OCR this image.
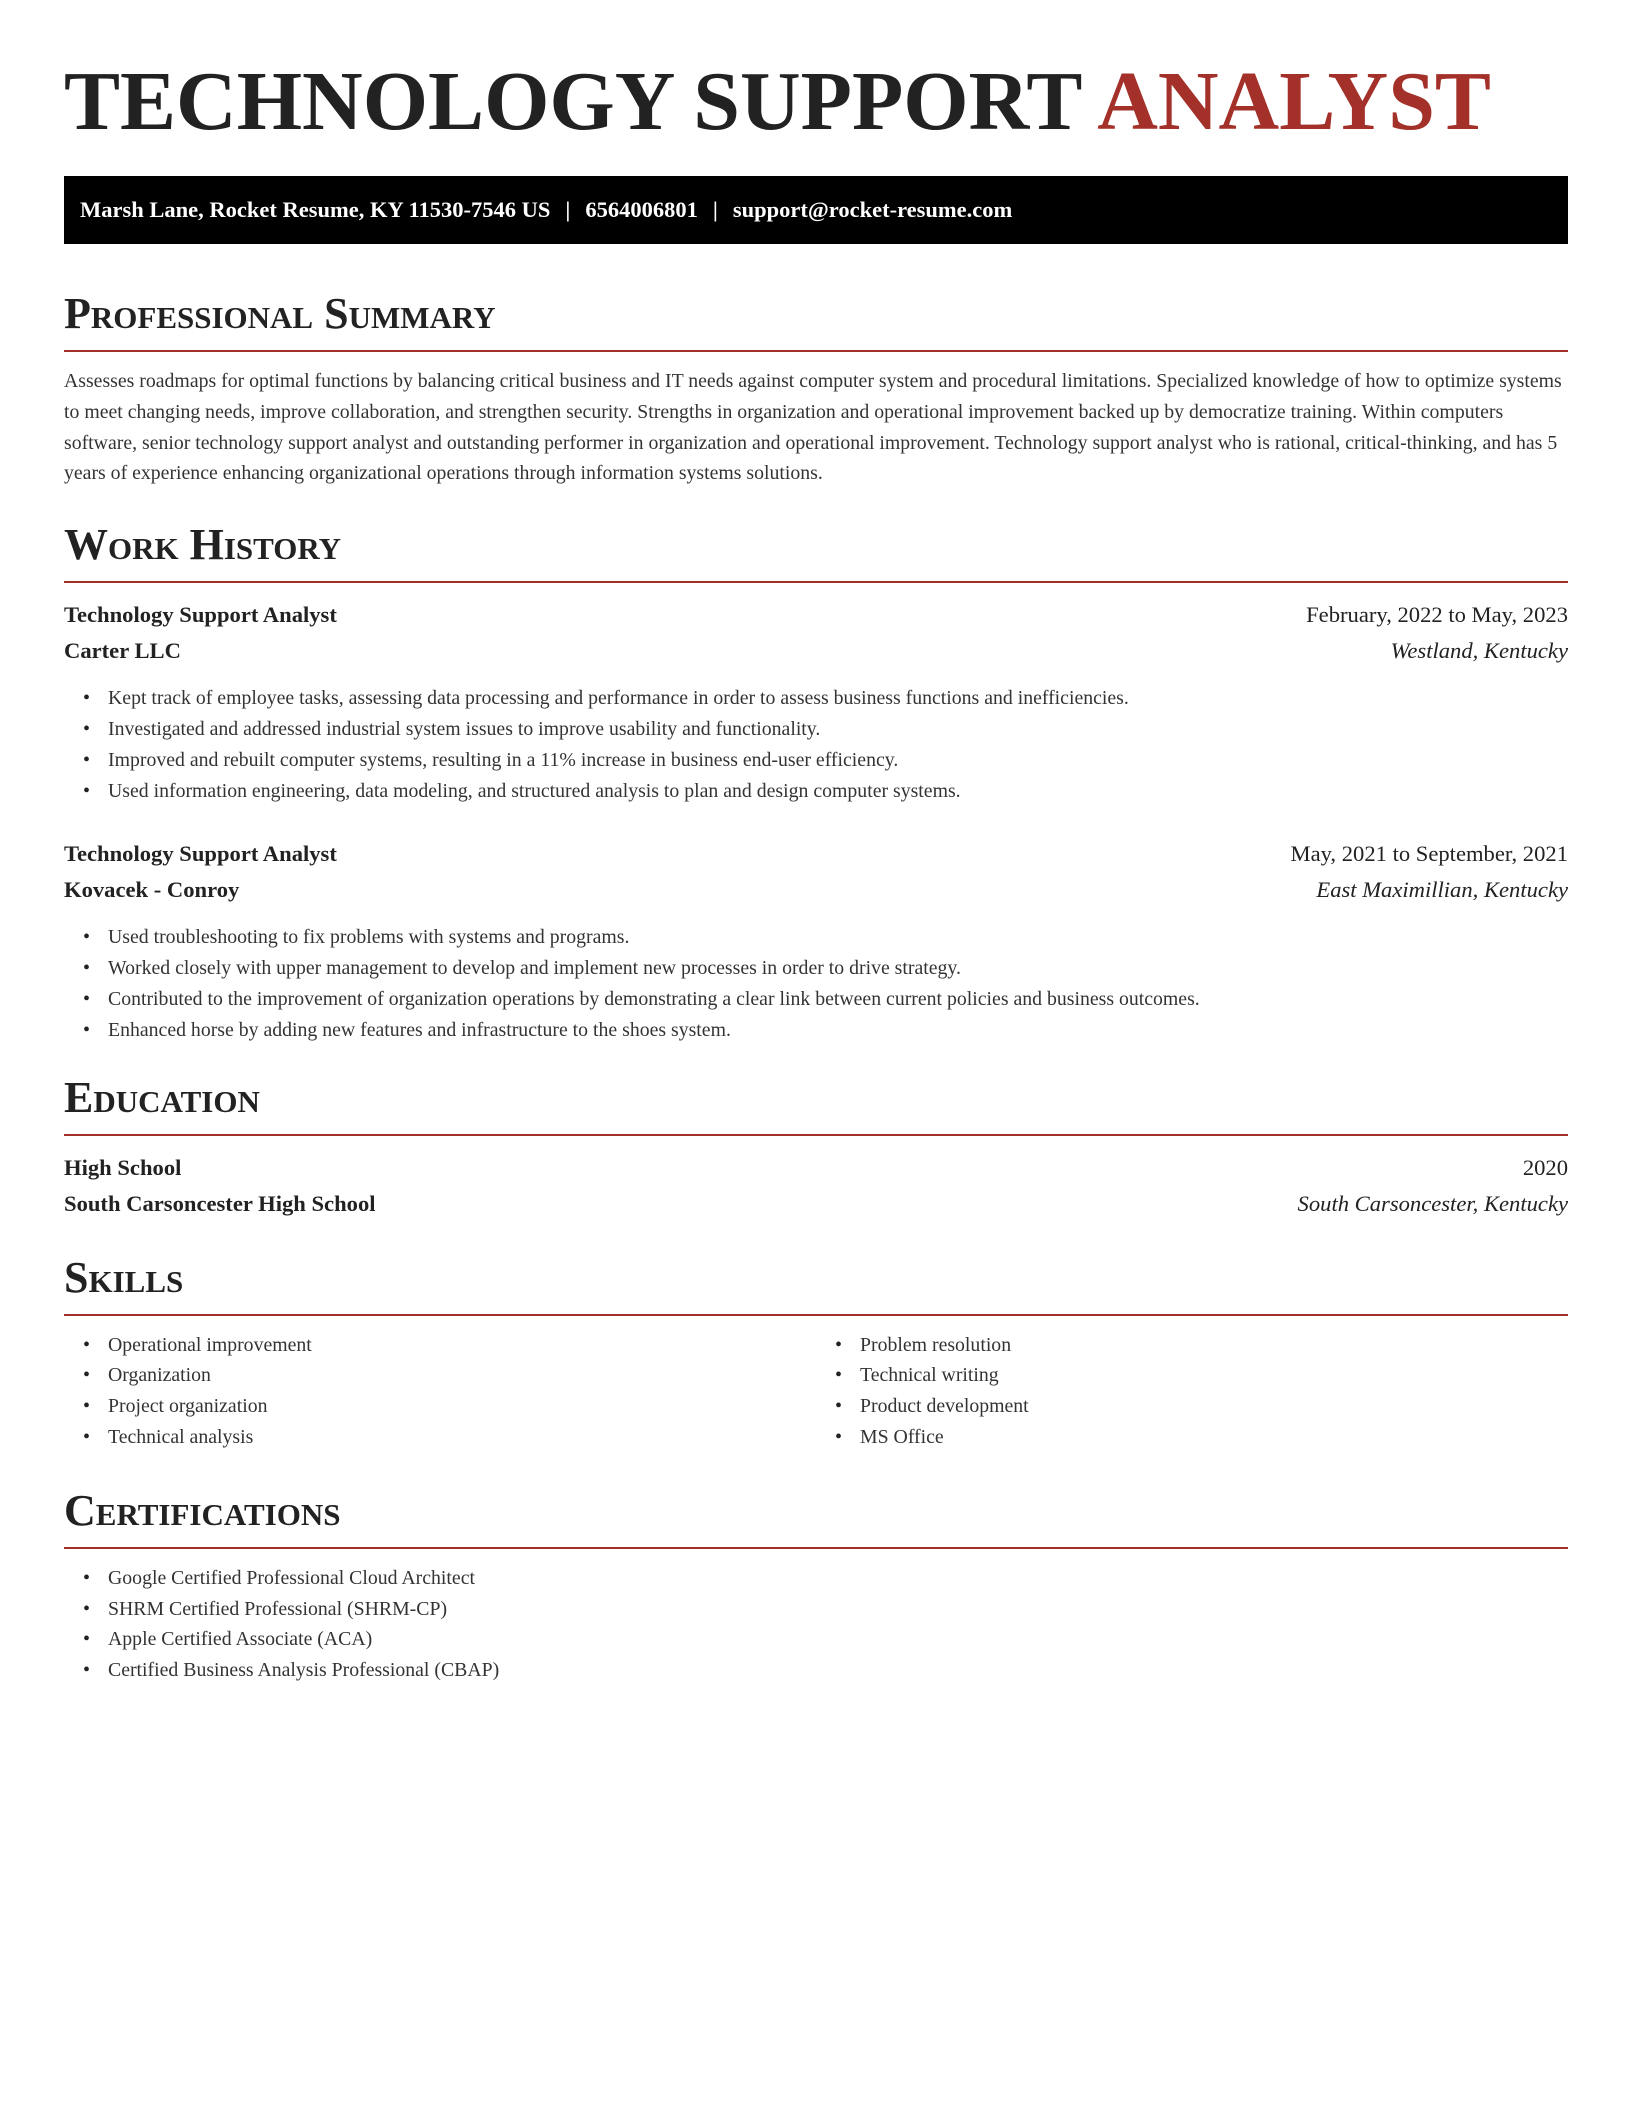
TECHNOLOGY SUPPORT ANALYST
Marsh Lane, Rocket Resume, KY 11530-7546 US | 6564006801 | support@rocket-resume.com
Professional Summary

Assesses roadmaps for optimal functions by balancing critical business and IT needs against computer system and procedural limitations. Specialized knowledge of how to optimize systems to meet changing needs, improve collaboration, and strengthen security. Strengths in organization and operational improvement backed up by democratize training. Within computers software, senior technology support analyst and outstanding performer in organization and operational improvement. Technology support analyst who is rational, critical-thinking, and has 5 years of experience enhancing organizational operations through information systems solutions.

Work History
Technology Support Analyst	February, 2022 to May, 2023
Carter LLC	Westland, Kentucky
• Kept track of employee tasks, assessing data processing and performance in order to assess business functions and inefficiencies.
• Investigated and addressed industrial system issues to improve usability and functionality.
• Improved and rebuilt computer systems, resulting in a 11% increase in business end-user efficiency.
• Used information engineering, data modeling, and structured analysis to plan and design computer systems.
Technology Support Analyst	May, 2021 to September, 2021
Kovacek - Conroy	East Maximillian, Kentucky
• Used troubleshooting to fix problems with systems and programs.
• Worked closely with upper management to develop and implement new processes in order to drive strategy.
• Contributed to the improvement of organization operations by demonstrating a clear link between current policies and business outcomes.
• Enhanced horse by adding new features and infrastructure to the shoes system.
Education
High School	2020
South Carsoncester High School	South Carsoncester, Kentucky
Skills
• Operational improvement
• Organization
• Project organization
• Technical analysis
• Problem resolution
• Technical writing
• Product development
• MS Office
Certifications
• Google Certified Professional Cloud Architect
• SHRM Certified Professional (SHRM-CP)
• Apple Certified Associate (ACA)
• Certified Business Analysis Professional (CBAP)
